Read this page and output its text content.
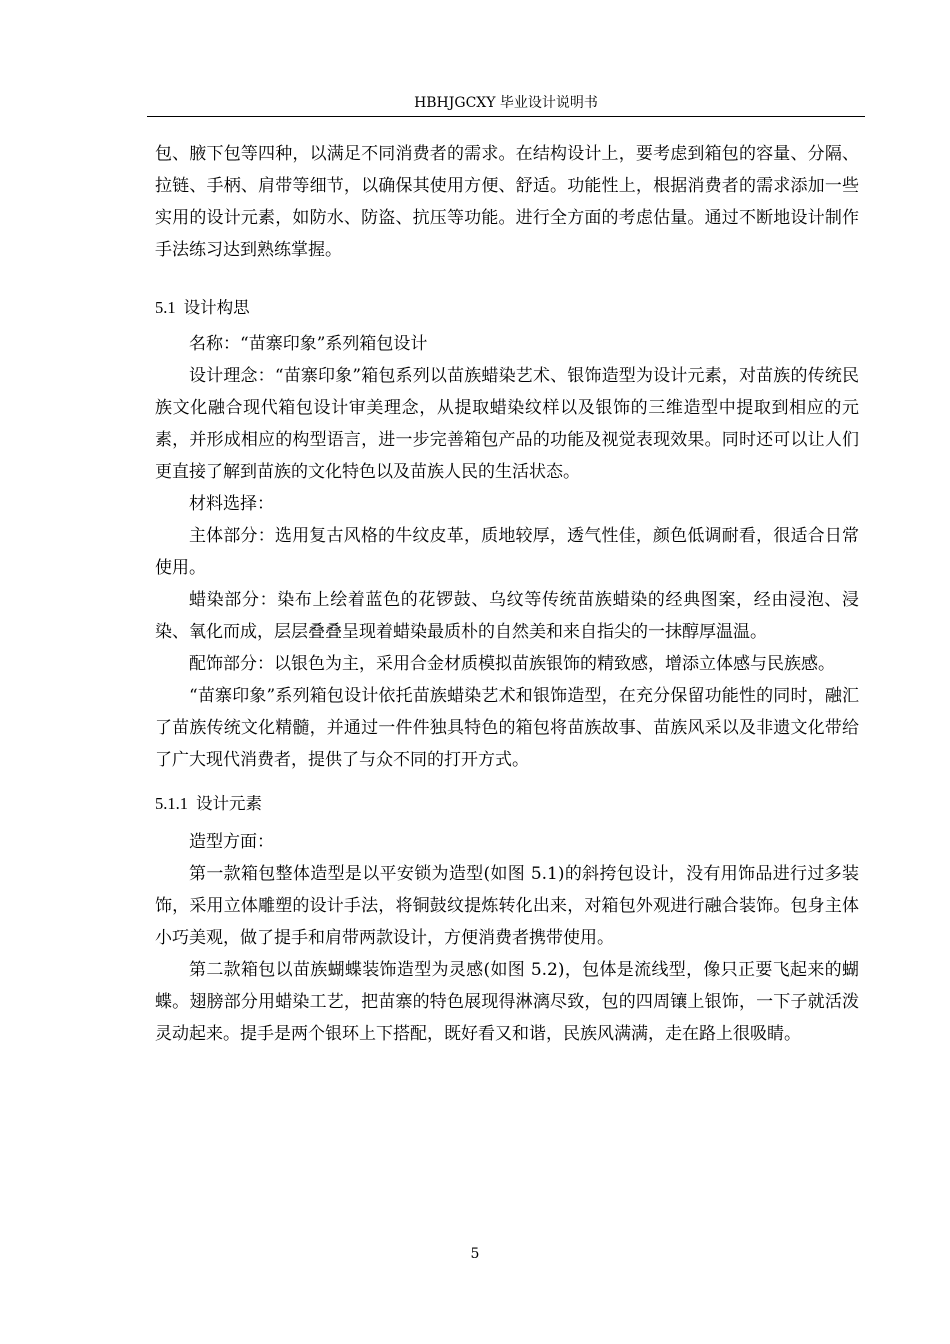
HBHJGCXY 毕业设计说明书

包、腋下包等四种，以满足不同消费者的需求。在结构设计上，要考虑到箱包的容量、分隔、拉链、手柄、肩带等细节，以确保其使用方便、舒适。功能性上，根据消费者的需求添加一些实用的设计元素，如防水、防盗、抗压等功能。进行全方面的考虑估量。通过不断地设计制作手法练习达到熟练掌握。

5.1 设计构思

名称：“苗寨印象”系列箱包设计

设计理念：“苗寨印象”箱包系列以苗族蜡染艺术、银饰造型为设计元素，对苗族的传统民族文化融合现代箱包设计审美理念，从提取蜡染纹样以及银饰的三维造型中提取到相应的元素，并形成相应的构型语言，进一步完善箱包产品的功能及视觉表现效果。同时还可以让人们更直接了解到苗族的文化特色以及苗族人民的生活状态。

材料选择：

主体部分：选用复古风格的牛纹皮革，质地较厚，透气性佳，颜色低调耐看，很适合日常使用。

蜡染部分：染布上绘着蓝色的花锣鼓、乌纹等传统苗族蜡染的经典图案，经由浸泡、浸染、氧化而成，层层叠叠呈现着蜡染最质朴的自然美和来自指尖的一抹醇厚温温。

配饰部分：以银色为主，采用合金材质模拟苗族银饰的精致感，增添立体感与民族感。

“苗寨印象”系列箱包设计依托苗族蜡染艺术和银饰造型，在充分保留功能性的同时，融汇了苗族传统文化精髓，并通过一件件独具特色的箱包将苗族故事、苗族风采以及非遗文化带给了广大现代消费者，提供了与众不同的打开方式。

5.1.1 设计元素

造型方面：

第一款箱包整体造型是以平安锁为造型(如图 5.1)的斜挎包设计，没有用饰品进行过多装饰，采用立体雕塑的设计手法，将铜鼓纹提炼转化出来，对箱包外观进行融合装饰。包身主体小巧美观，做了提手和肩带两款设计，方便消费者携带使用。

第二款箱包以苗族蝴蝶装饰造型为灵感(如图 5.2)，包体是流线型，像只正要飞起来的蝴蝶。翅膀部分用蜡染工艺，把苗寨的特色展现得淋漓尽致，包的四周镶上银饰，一下子就活泼灵动起来。提手是两个银环上下搭配，既好看又和谐，民族风满满，走在路上很吸睛。

5
